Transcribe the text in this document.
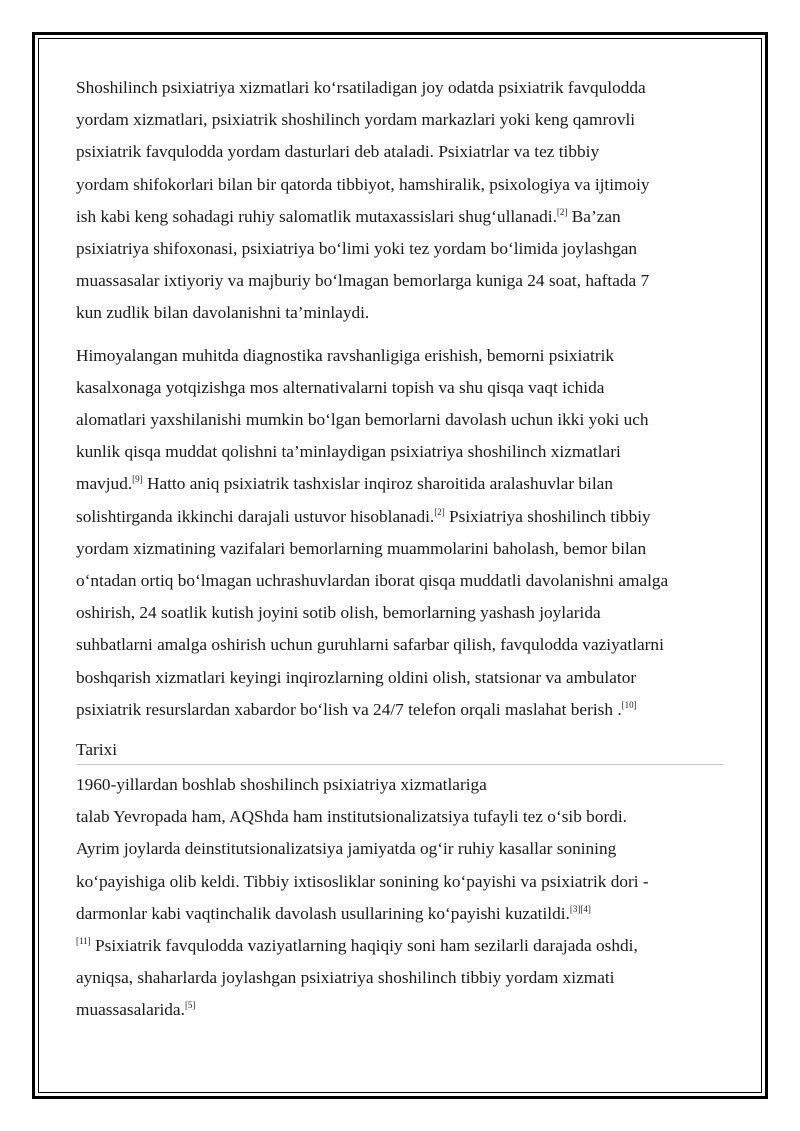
Shoshilinch psixiatriya xizmatlari ko‘rsatiladigan joy odatda psixiatrik favqulodda
yordam xizmatlari, psixiatrik shoshilinch yordam markazlari yoki keng qamrovli
psixiatrik favqulodda yordam dasturlari deb ataladi. Psixiatrlar va tez tibbiy
yordam shifokorlari bilan bir qatorda tibbiyot, hamshiralik, psixologiya va ijtimoiy
ish kabi keng sohadagi ruhiy salomatlik mutaxassislari shug‘ullanadi.[2] Ba’zan
psixiatriya shifoxonasi, psixiatriya bo‘limi yoki tez yordam bo‘limida joylashgan
muassasalar ixtiyoriy va majburiy bo‘lmagan bemorlarga kuniga 24 soat, haftada 7
kun zudlik bilan davolanishni ta’minlaydi.

Himoyalangan muhitda diagnostika ravshanligiga erishish, bemorni psixiatrik
kasalxonaga yotqizishga mos alternativalarni topish va shu qisqa vaqt ichida
alomatlari yaxshilanishi mumkin bo‘lgan bemorlarni davolash uchun ikki yoki uch
kunlik qisqa muddat qolishni ta’minlaydigan psixiatriya shoshilinch xizmatlari
mavjud.[9] Hatto aniq psixiatrik tashxislar inqiroz sharoitida aralashuvlar bilan
solishtirganda ikkinchi darajali ustuvor hisoblanadi.[2] Psixiatriya shoshilinch tibbiy
yordam xizmatining vazifalari bemorlarning muammolarini baholash, bemor bilan
o‘ntadan ortiq bo‘lmagan uchrashuvlardan iborat qisqa muddatli davolanishni amalga
oshirish, 24 soatlik kutish joyini sotib olish, bemorlarning yashash joylarida
suhbatlarni amalga oshirish uchun guruhlarni safarbar qilish, favqulodda vaziyatlarni
boshqarish xizmatlari keyingi inqirozlarning oldini olish, statsionar va ambulator
psixiatrik resurslardan xabardor bo‘lish va 24/7 telefon orqali maslahat berish .[10]

Tarixi

1960-yillardan boshlab shoshilinch psixiatriya xizmatlariga
talab Yevropada ham, AQShda ham institutsionalizatsiya tufayli tez o‘sib bordi.
Ayrim joylarda deinstitutsionalizatsiya jamiyatda og‘ir ruhiy kasallar sonining
ko‘payishiga olib keldi. Tibbiy ixtisosliklar sonining ko‘payishi va psixiatrik dori -
darmonlar kabi vaqtinchalik davolash usullarining ko‘payishi kuzatildi.[3][4]
[11] Psixiatrik favqulodda vaziyatlarning haqiqiy soni ham sezilarli darajada oshdi,
ayniqsa, shaharlarda joylashgan psixiatriya shoshilinch tibbiy yordam xizmati
muassasalarida.[5]
